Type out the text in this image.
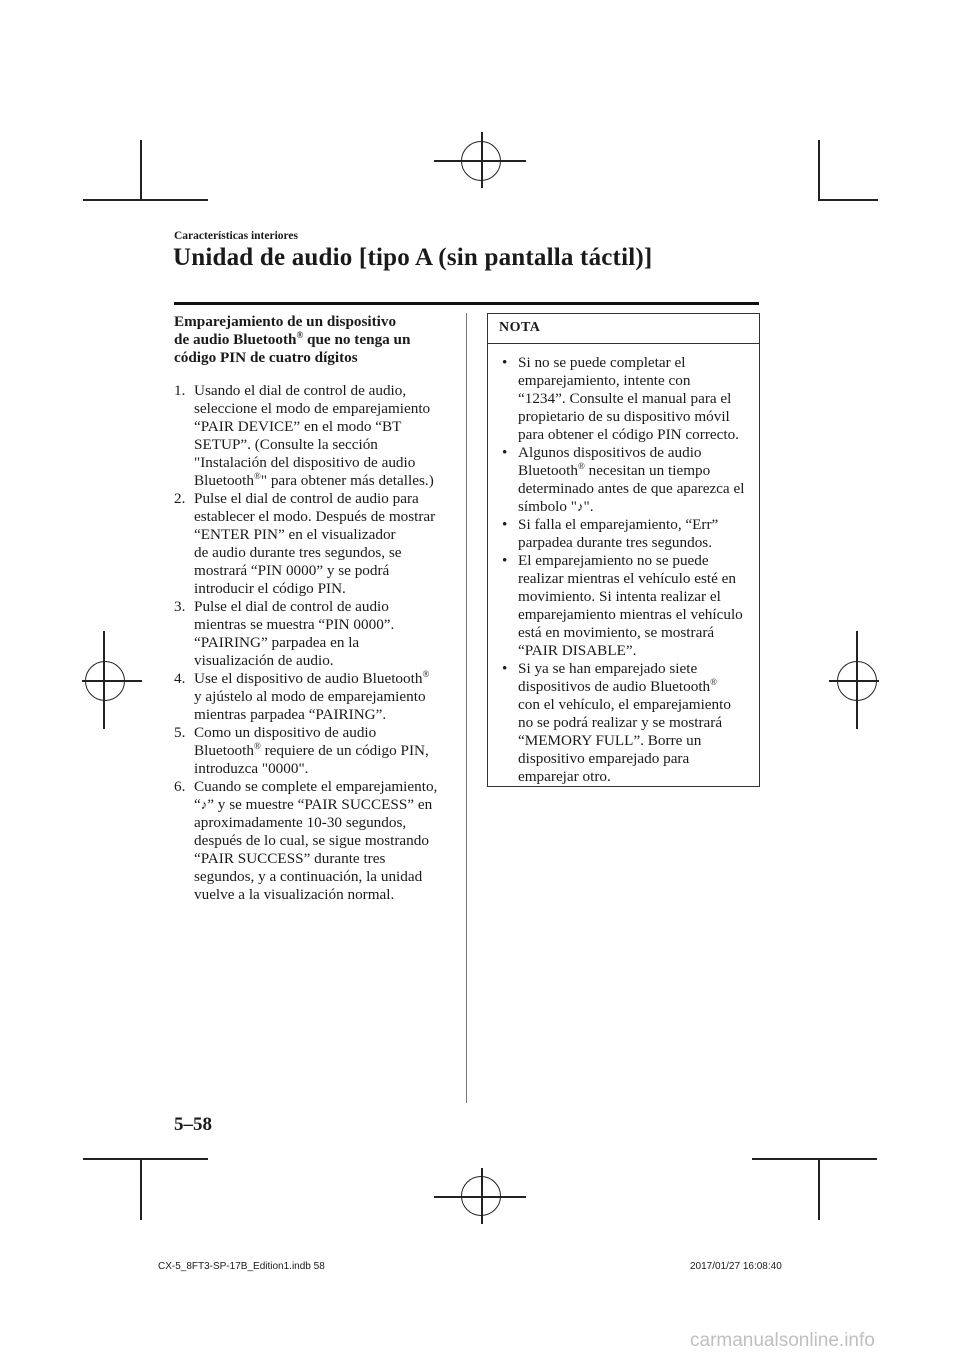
Características interiores
Unidad de audio [tipo A (sin pantalla táctil)]
Emparejamiento de un dispositivo
de audio Bluetooth® que no tenga un
código PIN de cuatro dígitos
1. Usando el dial de control de audio,
seleccione el modo de emparejamiento
“PAIR DEVICE” en el modo “BT
SETUP”. (Consulte la sección
"Instalación del dispositivo de audio
Bluetooth®" para obtener más detalles.)
2. Pulse el dial de control de audio para
establecer el modo. Después de mostrar
“ENTER PIN” en el visualizador
de audio durante tres segundos, se
mostrará “PIN 0000” y se podrá
introducir el código PIN.
3. Pulse el dial de control de audio
mientras se muestra “PIN 0000”.
“PAIRING” parpadea en la
visualización de audio.
4. Use el dispositivo de audio Bluetooth®
y ajústelo al modo de emparejamiento
mientras parpadea “PAIRING”.
5. Como un dispositivo de audio
Bluetooth® requiere de un código PIN,
introduzca "0000".
6. Cuando se complete el emparejamiento,
“♪” y se muestre “PAIR SUCCESS” en
aproximadamente 10-30 segundos,
después de lo cual, se sigue mostrando
“PAIR SUCCESS” durante tres
segundos, y a continuación, la unidad
vuelve a la visualización normal.
NOTA
• Si no se puede completar el
emparejamiento, intente con
“1234”. Consulte el manual para el
propietario de su dispositivo móvil
para obtener el código PIN correcto.
• Algunos dispositivos de audio
Bluetooth® necesitan un tiempo
determinado antes de que aparezca el
símbolo "♪".
• Si falla el emparejamiento, “Err”
parpadea durante tres segundos.
• El emparejamiento no se puede
realizar mientras el vehículo esté en
movimiento. Si intenta realizar el
emparejamiento mientras el vehículo
está en movimiento, se mostrará
“PAIR DISABLE”.
• Si ya se han emparejado siete
dispositivos de audio Bluetooth®
con el vehículo, el emparejamiento
no se podrá realizar y se mostrará
“MEMORY FULL”. Borre un
dispositivo emparejado para
emparejar otro.
5–58
CX-5_8FT3-SP-17B_Edition1.indb 58	2017/01/27 16:08:40
carmanualsonline.info
